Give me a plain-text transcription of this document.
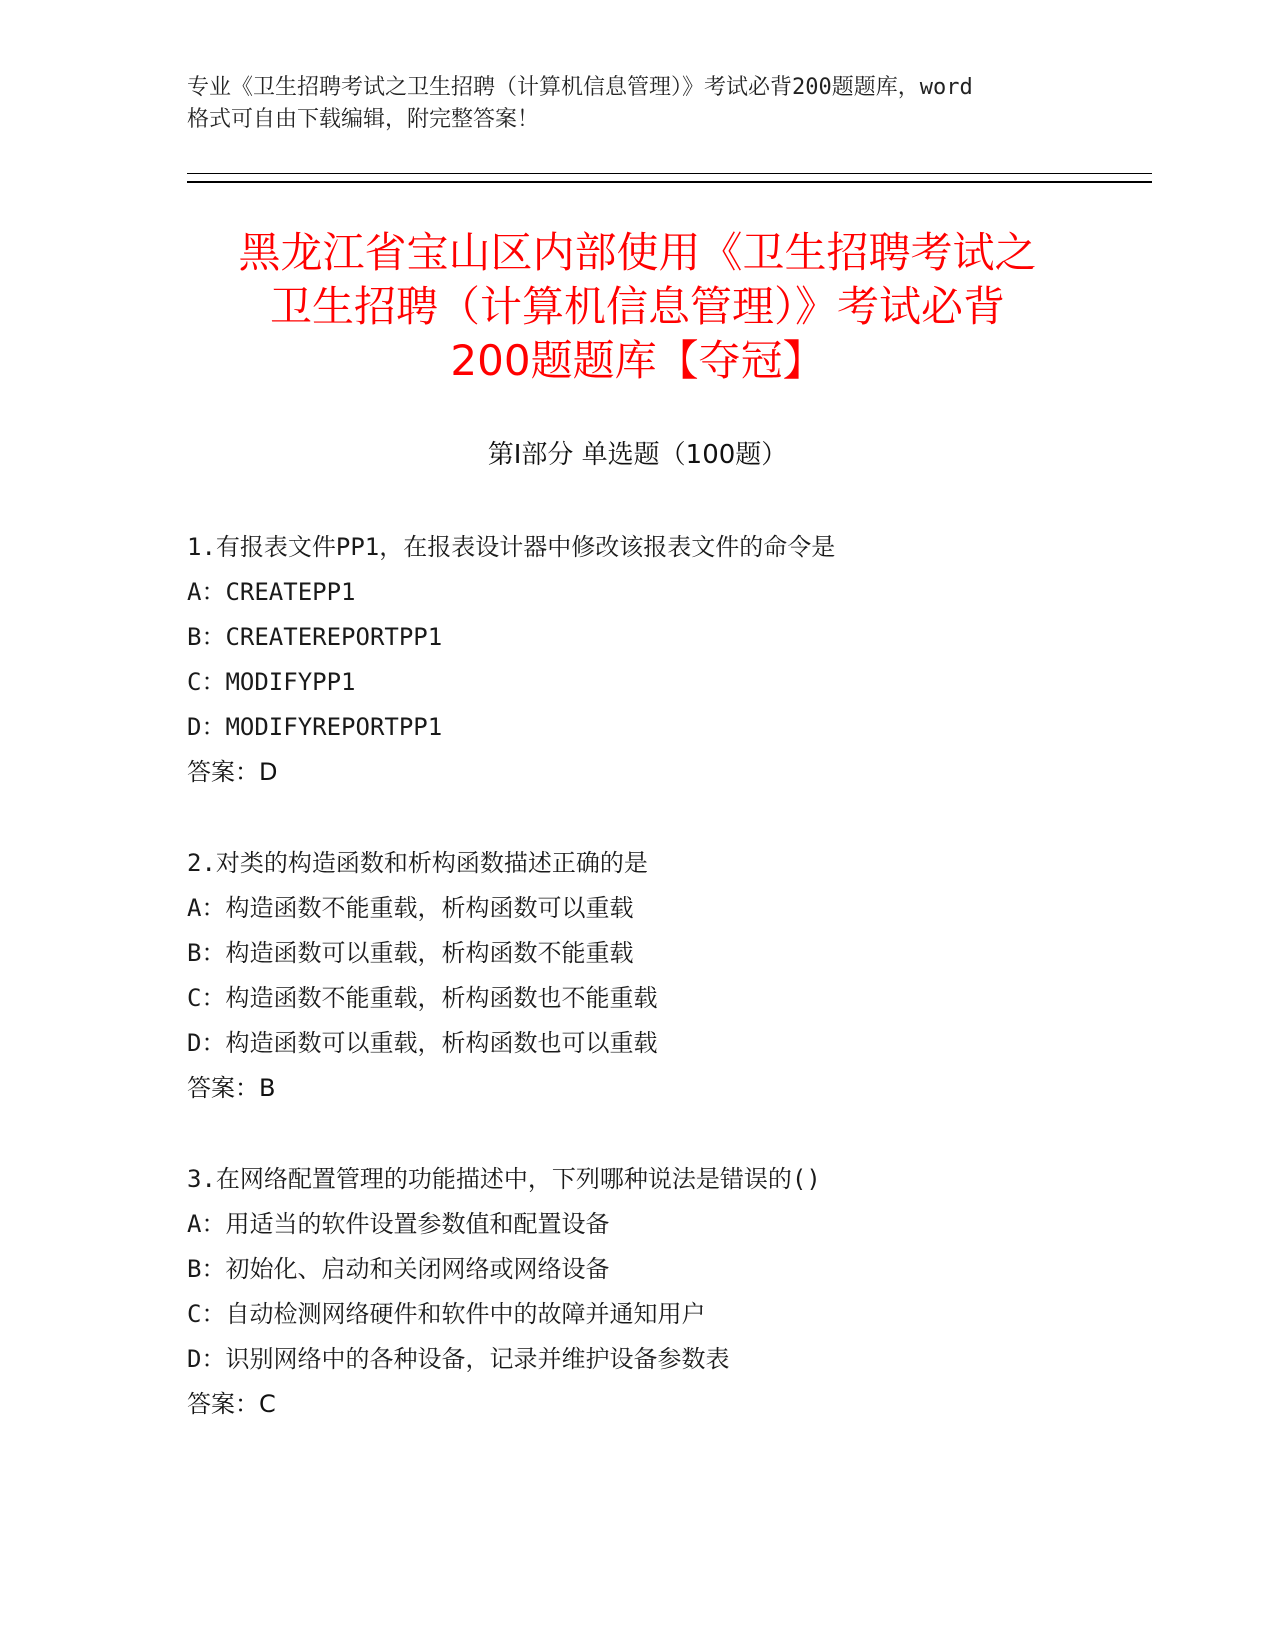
专业《卫生招聘考试之卫生招聘（计算机信息管理）》考试必背200题题库，word
格式可自由下载编辑，附完整答案！
黑龙江省宝山区内部使用《卫生招聘考试之
卫生招聘（计算机信息管理）》考试必背
200题题库【夺冠】
第Ⅰ部分 单选题（100题）
1.有报表文件PP1，在报表设计器中修改该报表文件的命令是
A：CREATEPP1
B：CREATEREPORTPP1
C：MODIFYPP1
D：MODIFYREPORTPP1
答案：D
2.对类的构造函数和析构函数描述正确的是
A：构造函数不能重载，析构函数可以重载
B：构造函数可以重载，析构函数不能重载
C：构造函数不能重载，析构函数也不能重载
D：构造函数可以重载，析构函数也可以重载
答案：B
3.在网络配置管理的功能描述中，下列哪种说法是错误的()
A：用适当的软件设置参数值和配置设备
B：初始化、启动和关闭网络或网络设备
C：自动检测网络硬件和软件中的故障并通知用户
D：识别网络中的各种设备，记录并维护设备参数表
答案：C
